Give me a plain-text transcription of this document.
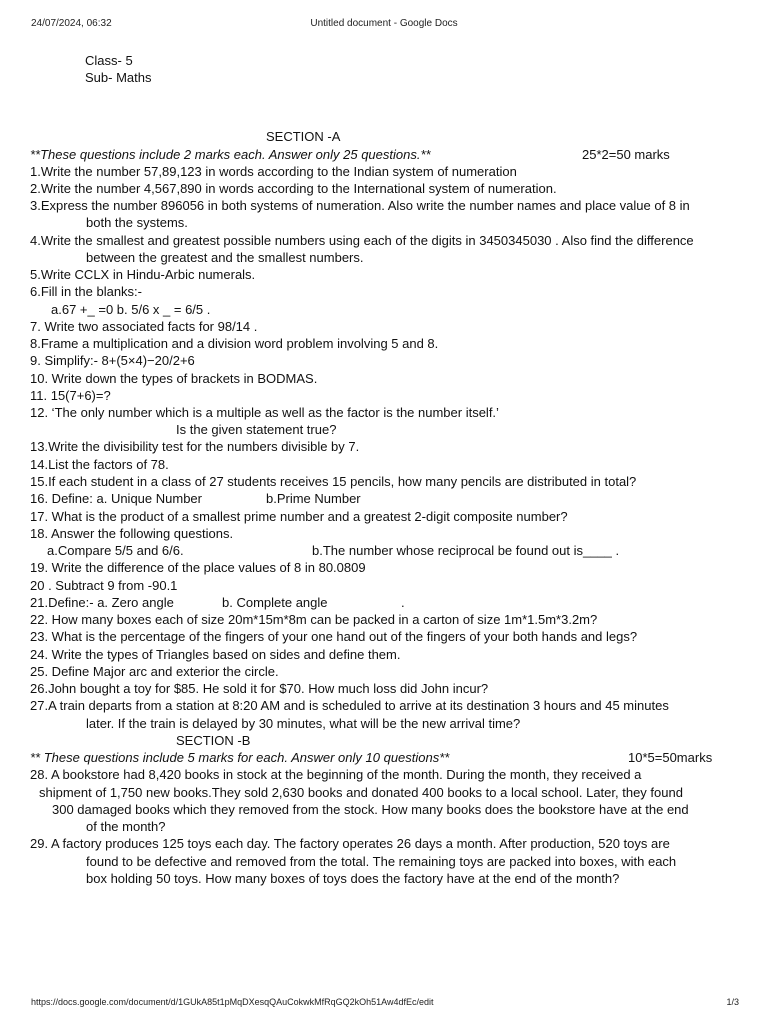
24/07/2024, 06:32	Untitled document - Google Docs
Class- 5
Sub- Maths
SECTION -A
**These questions include 2 marks each. Answer only 25 questions.**	25*2=50 marks
1.Write the number 57,89,123 in words according to the Indian system of numeration
2.Write the number 4,567,890 in words according to the International system of numeration.
3.Express the number 896056 in both systems of numeration. Also write the number names and place value of 8 in
both the systems.
4.Write the smallest and greatest possible numbers using each of the digits in 3450345030 . Also find the difference
between the greatest and the smallest numbers.
5.Write CCLX in Hindu-Arbic numerals.
6.Fill in the blanks:-
a.67 +_ =0 b. 5/6 x _ = 6/5 .
7. Write two associated facts for 98/14 .
8.Frame a multiplication and a division word problem involving 5 and 8.
9. Simplify:- 8+(5×4)−20/2+6
10. Write down the types of brackets in BODMAS.
11. 15(7+6)=?
12. ‘The only number which is a multiple as well as the factor is the number itself.’
Is the given statement true?
13.Write the divisibility test for the numbers divisible by 7.
14.List the factors of 78.
15.If each student in a class of 27 students receives 15 pencils, how many pencils are distributed in total?
16. Define: a. Unique Number	b.Prime Number
17. What is the product of a smallest prime number and a greatest 2-digit composite number?
18. Answer the following questions.
a.Compare 5/5 and 6/6.	b.The number whose reciprocal be found out is____ .
19. Write the difference of the place values of 8 in 80.0809
20 . Subtract 9 from -90.1
21.Define:- a. Zero angle	b. Complete angle	.
22. How many boxes each of size 20m*15m*8m can be packed in a carton of size 1m*1.5m*3.2m?
23. What is the percentage of the fingers of your one hand out of the fingers of your both hands and legs?
24. Write the types of Triangles based on sides and define them.
25. Define Major arc and exterior the circle.
26.John bought a toy for $85. He sold it for $70. How much loss did John incur?
27.A train departs from a station at 8:20 AM and is scheduled to arrive at its destination 3 hours and 45 minutes
later. If the train is delayed by 30 minutes, what will be the new arrival time?
SECTION -B
** These questions include 5 marks for each. Answer only 10 questions**	10*5=50marks
28. A bookstore had 8,420 books in stock at the beginning of the month. During the month, they received a
shipment of 1,750 new books.They sold 2,630 books and donated 400 books to a local school. Later, they found
300 damaged books which they removed from the stock. How many books does the bookstore have at the end
of the month?
29. A factory produces 125 toys each day. The factory operates 26 days a month. After production, 520 toys are
found to be defective and removed from the total. The remaining toys are packed into boxes, with each
box holding 50 toys. How many boxes of toys does the factory have at the end of the month?
https://docs.google.com/document/d/1GUkA85t1pMqDXesqQAuCokwkMfRqGQ2kOh51Aw4dfEc/edit	1/3
